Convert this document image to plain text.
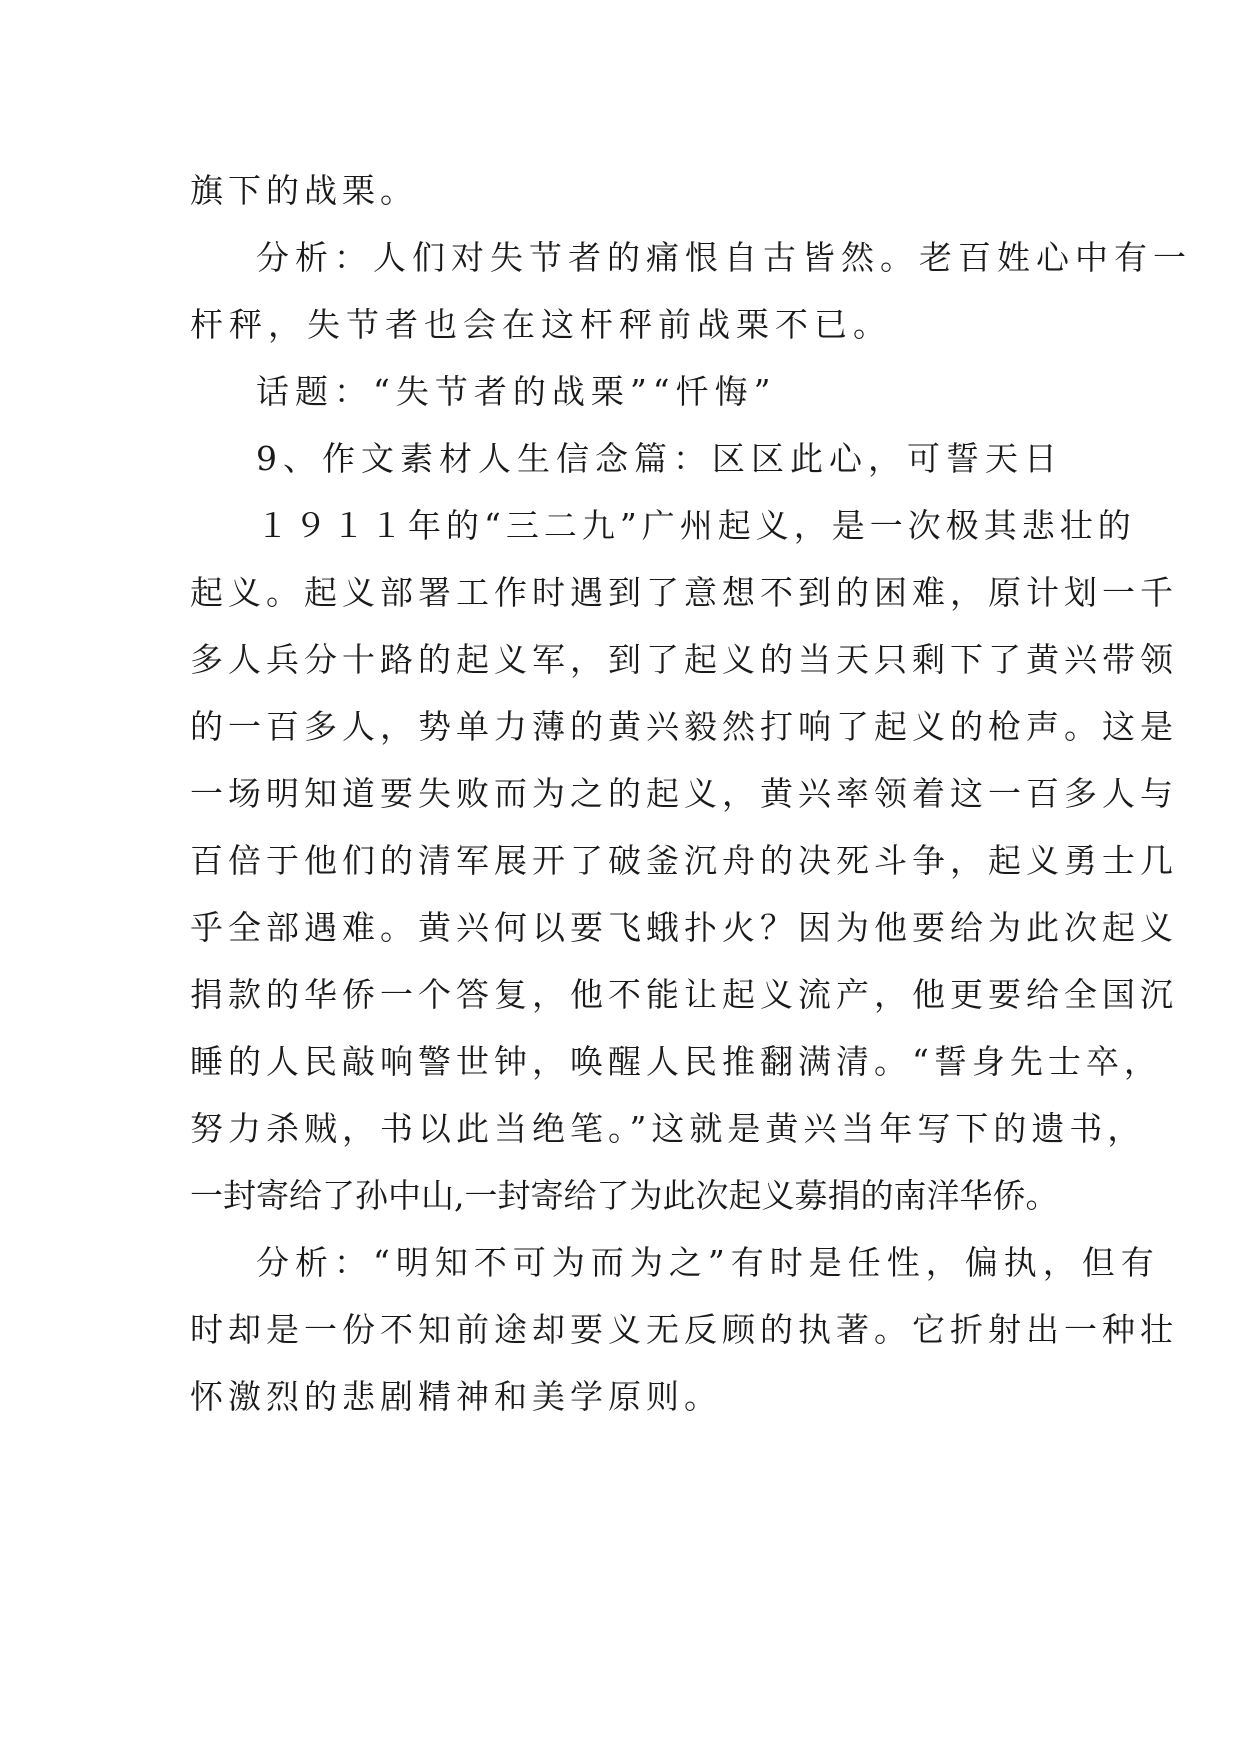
旗下的战栗。
分析：人们对失节者的痛恨自古皆然。老百姓心中有一
杆秤，失节者也会在这杆秤前战栗不已。
话题：“失节者的战栗”“忏悔”
9、作文素材人生信念篇：区区此心，可誓天日
１９１１年的“三二九”广州起义，是一次极其悲壮的
起义。起义部署工作时遇到了意想不到的困难，原计划一千
多人兵分十路的起义军，到了起义的当天只剩下了黄兴带领
的一百多人，势单力薄的黄兴毅然打响了起义的枪声。这是
一场明知道要失败而为之的起义，黄兴率领着这一百多人与
百倍于他们的清军展开了破釜沉舟的决死斗争，起义勇士几
乎全部遇难。黄兴何以要飞蛾扑火？因为他要给为此次起义
捐款的华侨一个答复，他不能让起义流产，他更要给全国沉
睡的人民敲响警世钟，唤醒人民推翻满清。“誓身先士卒，
努力杀贼，书以此当绝笔。”这就是黄兴当年写下的遗书，
一封寄给了孙中山,一封寄给了为此次起义募捐的南洋华侨。
分析：“明知不可为而为之”有时是任性，偏执，但有
时却是一份不知前途却要义无反顾的执著。它折射出一种壮
怀激烈的悲剧精神和美学原则。
